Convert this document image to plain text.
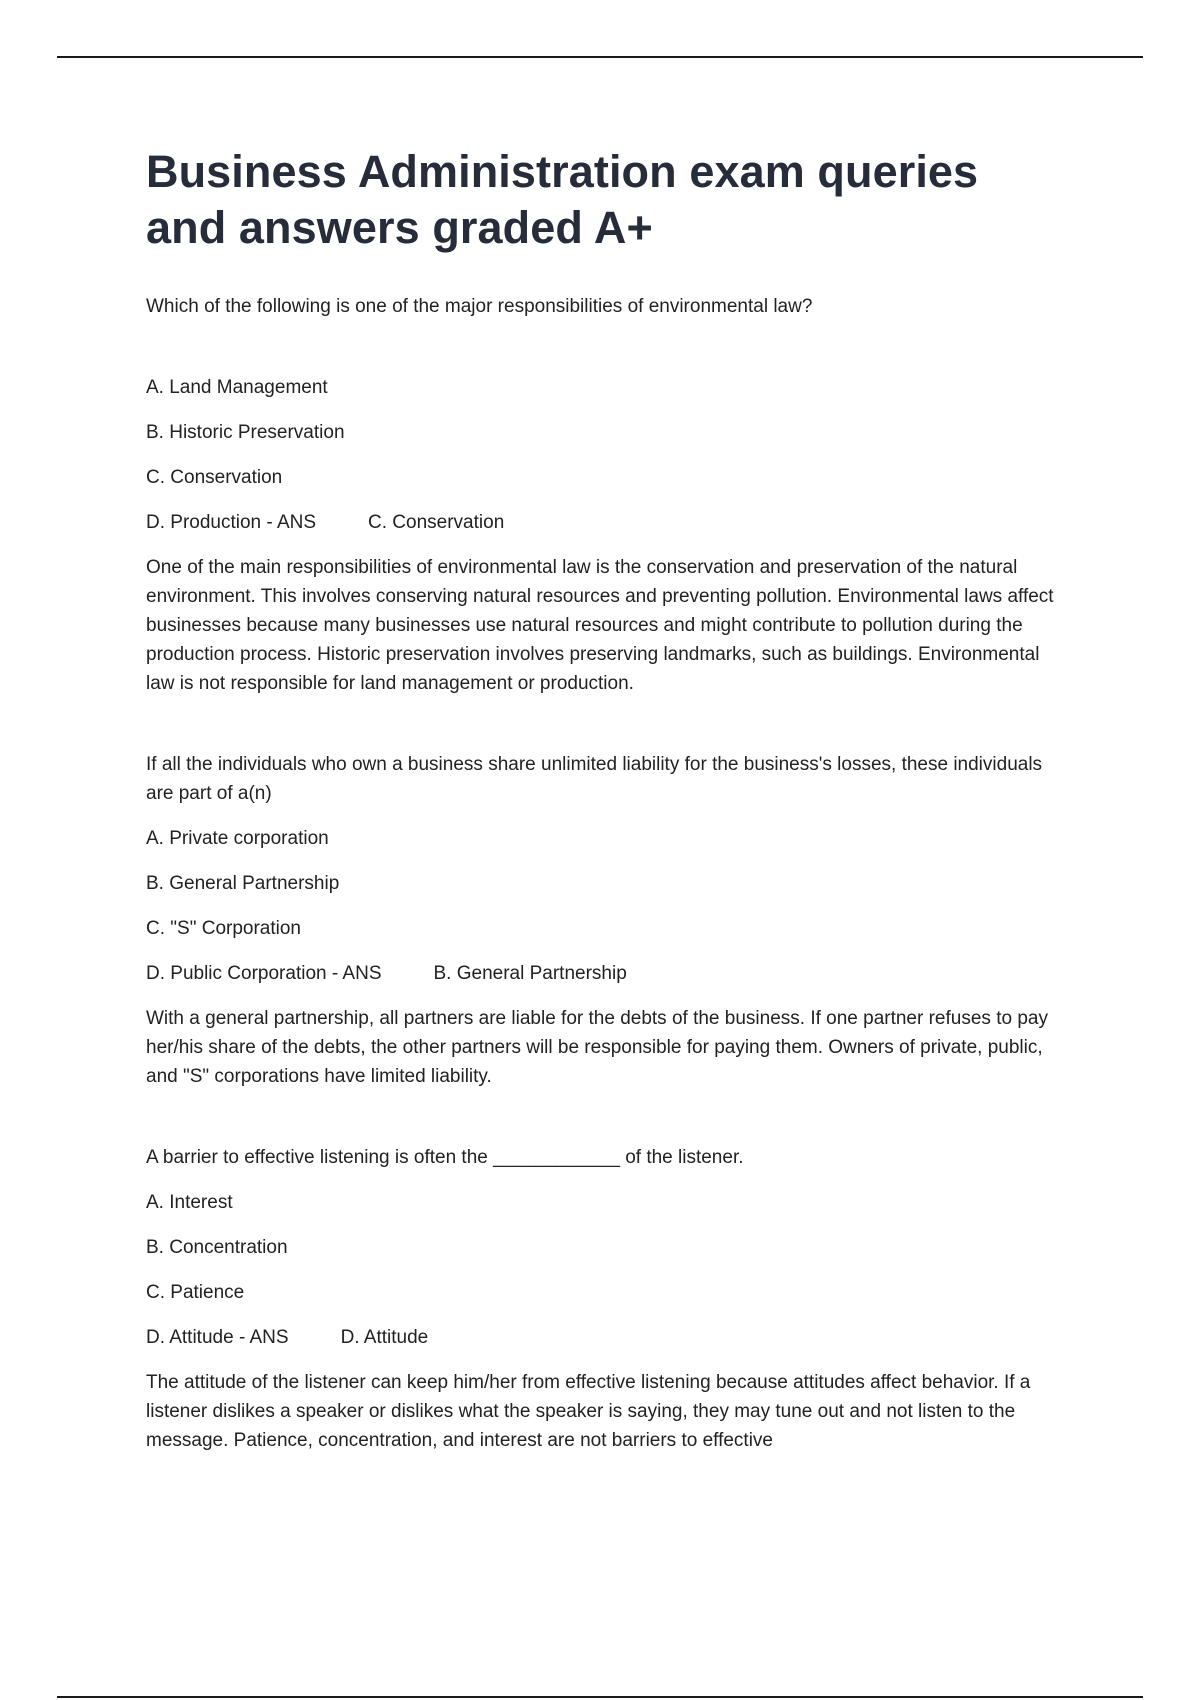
Business Administration exam queries and answers graded A+
Which of the following is one of the major responsibilities of environmental law?
A. Land Management
B. Historic Preservation
C. Conservation
D. Production - ANS	C. Conservation
One of the main responsibilities of environmental law is the conservation and preservation of the natural environment. This involves conserving natural resources and preventing pollution. Environmental laws affect businesses because many businesses use natural resources and might contribute to pollution during the production process. Historic preservation involves preserving landmarks, such as buildings. Environmental law is not responsible for land management or production.
If all the individuals who own a business share unlimited liability for the business's losses, these individuals are part of a(n)
A. Private corporation
B. General Partnership
C. "S" Corporation
D. Public Corporation - ANS	B. General Partnership
With a general partnership, all partners are liable for the debts of the business. If one partner refuses to pay her/his share of the debts, the other partners will be responsible for paying them. Owners of private, public, and "S" corporations have limited liability.
A barrier to effective listening is often the ____________ of the listener.
A. Interest
B. Concentration
C. Patience
D. Attitude - ANS	D. Attitude
The attitude of the listener can keep him/her from effective listening because attitudes affect behavior. If a listener dislikes a speaker or dislikes what the speaker is saying, they may tune out and not listen to the message. Patience, concentration, and interest are not barriers to effective
